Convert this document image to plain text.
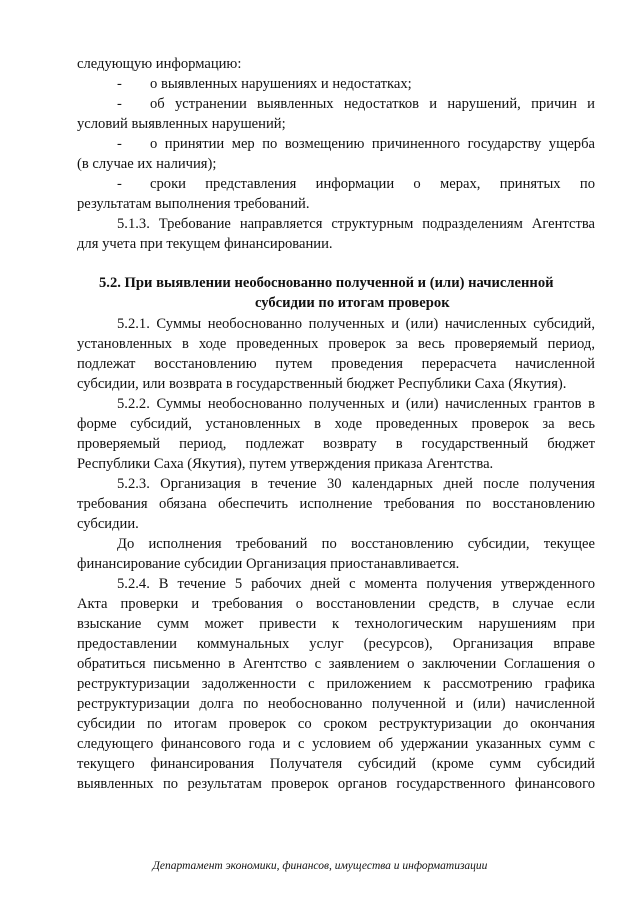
следующую информацию:
- о выявленных нарушениях и недостатках;
- об устранении выявленных недостатков и нарушений, причин и
условий выявленных нарушений;
- о принятии мер по возмещению причиненного государству ущерба
(в случае их наличия);
- сроки представления информации о мерах, принятых по
результатам выполнения требований.
5.1.3. Требование направляется структурным подразделениям Агентства
для учета при текущем финансировании.
5.2. При выявлении необоснованно полученной и (или) начисленной
субсидии по итогам проверок
5.2.1. Суммы необоснованно полученных и (или) начисленных субсидий,
установленных в ходе проведенных проверок за весь проверяемый период,
подлежат восстановлению путем проведения перерасчета начисленной
субсидии, или возврата в государственный бюджет Республики Саха (Якутия).
5.2.2. Суммы необоснованно полученных и (или) начисленных грантов в
форме субсидий, установленных в ходе проведенных проверок за весь
проверяемый период, подлежат возврату в государственный бюджет
Республики Саха (Якутия), путем утверждения приказа Агентства.
5.2.3. Организация в течение 30 календарных дней после получения
требования обязана обеспечить исполнение требования по восстановлению
субсидии.
До исполнения требований по восстановлению субсидии, текущее
финансирование субсидии Организация приостанавливается.
5.2.4. В течение 5 рабочих дней с момента получения утвержденного
Акта проверки и требования о восстановлении средств, в случае если
взыскание сумм может привести к технологическим нарушениям при
предоставлении коммунальных услуг (ресурсов), Организация вправе
обратиться письменно в Агентство с заявлением о заключении Соглашения о
реструктуризации задолженности с приложением к рассмотрению графика
реструктуризации долга по необоснованно полученной и (или) начисленной
субсидии по итогам проверок со сроком реструктуризации до окончания
следующего финансового года и с условием об удержании указанных сумм с
текущего финансирования Получателя субсидий (кроме сумм субсидий
выявленных по результатам проверок органов государственного финансового
Департамент экономики, финансов, имущества и информатизации
